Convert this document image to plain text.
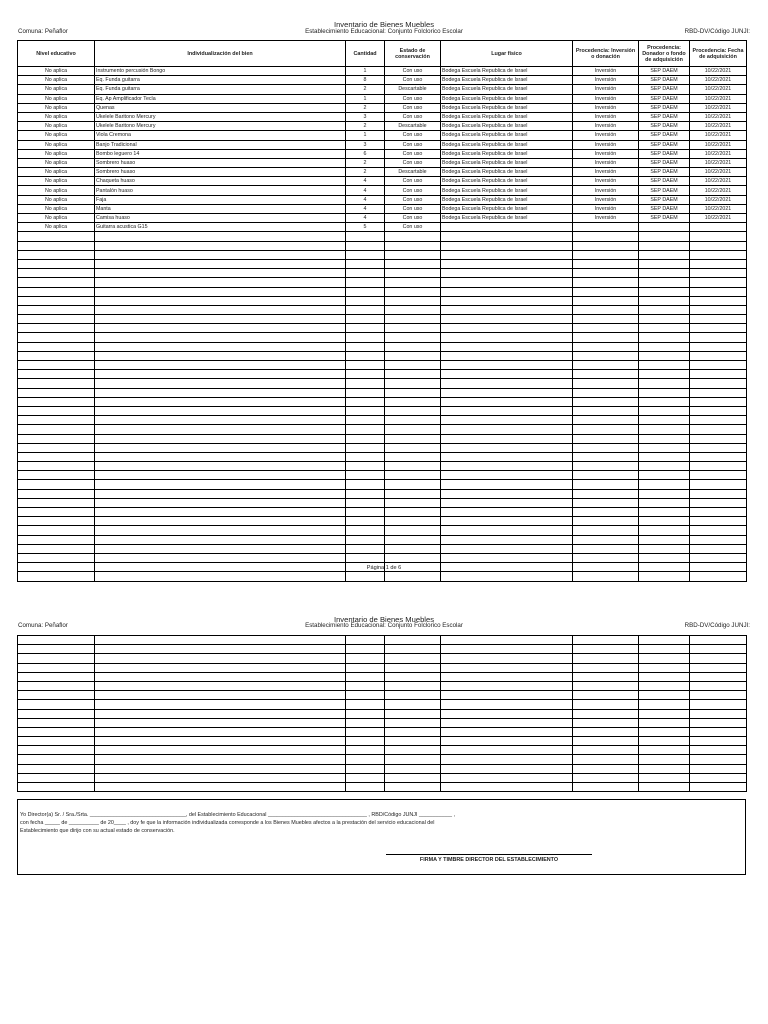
Inventario de Bienes Muebles
Establecimiento Educacional: Conjunto Folclorico Escolar
Comuna: Peñaflor	RBD-DV/Código JUNJI:
Nivel educativo	Individualización del bien	Cantidad	Estado de conservación	Lugar físico	Procedencia: Inversión o donación	Procedencia: Donador o fondo de adquisición	Procedencia: Fecha de adquisición
No aplica	Instrumento percusión Bongo	1	Con uso	Bodega Escuela Republica de Israel	Inversión	SEP DAEM	10/22/2021
No aplica	Eq. Funda guitarra	8	Con uso	Bodega Escuela Republica de Israel	Inversión	SEP DAEM	10/22/2021
No aplica	Eq. Funda guitarra	2	Descartable	Bodega Escuela Republica de Israel	Inversión	SEP DAEM	10/22/2021
No aplica	Eq. Ap Amplificador Tecla	1	Con uso	Bodega Escuela Republica de Israel	Inversión	SEP DAEM	10/22/2021
No aplica	Quenas	2	Con uso	Bodega Escuela Republica de Israel	Inversión	SEP DAEM	10/22/2021
No aplica	Ukelele Baritono Mercury	3	Con uso	Bodega Escuela Republica de Israel	Inversión	SEP DAEM	10/22/2021
No aplica	Ukelele Baritono Mercury	2	Descartable	Bodega Escuela Republica de Israel	Inversión	SEP DAEM	10/22/2021
No aplica	Viola Cremona	1	Con uso	Bodega Escuela Republica de Israel	Inversión	SEP DAEM	10/22/2021
No aplica	Banjo Tradicional	3	Con uso	Bodega Escuela Republica de Israel	Inversión	SEP DAEM	10/22/2021
No aplica	Bombo leguero 14	6	Con uso	Bodega Escuela Republica de Israel	Inversión	SEP DAEM	10/22/2021
No aplica	Sombrero huaso	2	Con uso	Bodega Escuela Republica de Israel	Inversión	SEP DAEM	10/22/2021
No aplica	Sombrero huaso	2	Descartable	Bodega Escuela Republica de Israel	Inversión	SEP DAEM	10/22/2021
No aplica	Chaqueta huaso	4	Con uso	Bodega Escuela Republica de Israel	Inversión	SEP DAEM	10/22/2021
No aplica	Pantalón huaso	4	Con uso	Bodega Escuela Republica de Israel	Inversión	SEP DAEM	10/22/2021
No aplica	Faja	4	Con uso	Bodega Escuela Republica de Israel	Inversión	SEP DAEM	10/22/2021
No aplica	Manta	4	Con uso	Bodega Escuela Republica de Israel	Inversión	SEP DAEM	10/22/2021
No aplica	Camisa huaso	4	Con uso	Bodega Escuela Republica de Israel	Inversión	SEP DAEM	10/22/2021
No aplica	Guitarra acustica G15	5	Con uso				

Página 1 de 6
Inventario de Bienes Muebles
Establecimiento Educacional: Conjunto Folclorico Escolar
Comuna: Peñaflor	RBD-DV/Código JUNJI:

Yo Director(a) Sr. / Sra./Srta. ________________________________, del Establecimiento Educacional _________________________________ , RBD/Código JUNJI ___________ ,

con fecha _____ de __________ de 20____ , doy fe que la información individualizada corresponde a los Bienes Muebles afectos a la prestación del servicio educacional del

Establecimiento que dirijo con su actual estado de conservación.

FIRMA Y TIMBRE DIRECTOR DEL ESTABLECIMIENTO
